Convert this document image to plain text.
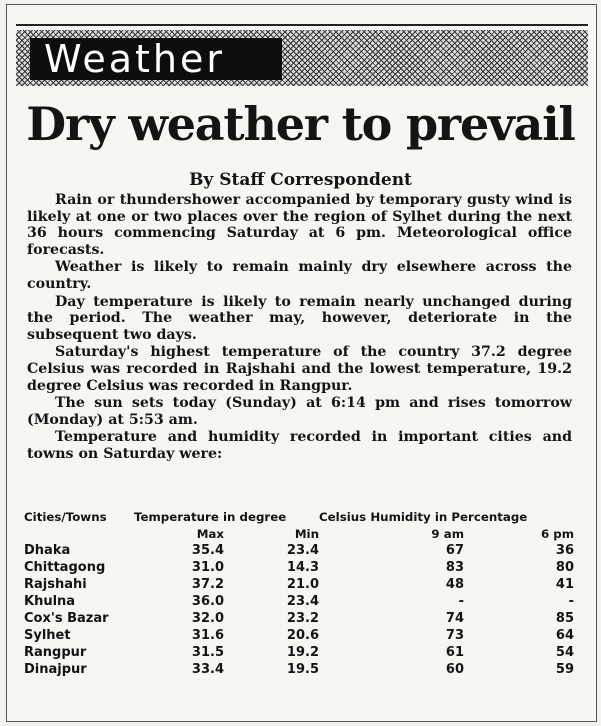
Weather
Dry weather to prevail
By Staff Correspondent

Rain or thundershower accompanied by temporary gusty wind is likely at one or two places over the region of Sylhet during the next 36 hours commencing Saturday at 6 pm. Meteorological office forecasts.

Weather is likely to remain mainly dry elsewhere across the country.

Day temperature is likely to remain nearly unchanged during the period. The weather may, however, deteriorate in the subsequent two days.

Saturday's highest temperature of the country 37.2 degree Celsius was recorded in Rajshahi and the lowest temperature, 19.2 degree Celsius was recorded in Rangpur.

The sun sets today (Sunday) at 6:14 pm and rises tomorrow (Monday) at 5:53 am.

Temperature and humidity recorded in important cities and towns on Saturday were:

Cities/Towns	Temperature in degree		Celsius Humidity in Percentage	
	Max	Min	9 am	6 pm
Dhaka	35.4	23.4	67	36
Chittagong	31.0	14.3	83	80
Rajshahi	37.2	21.0	48	41
Khulna	36.0	23.4	-	-
Cox's Bazar	32.0	23.2	74	85
Sylhet	31.6	20.6	73	64
Rangpur	31.5	19.2	61	54
Dinajpur	33.4	19.5	60	59
